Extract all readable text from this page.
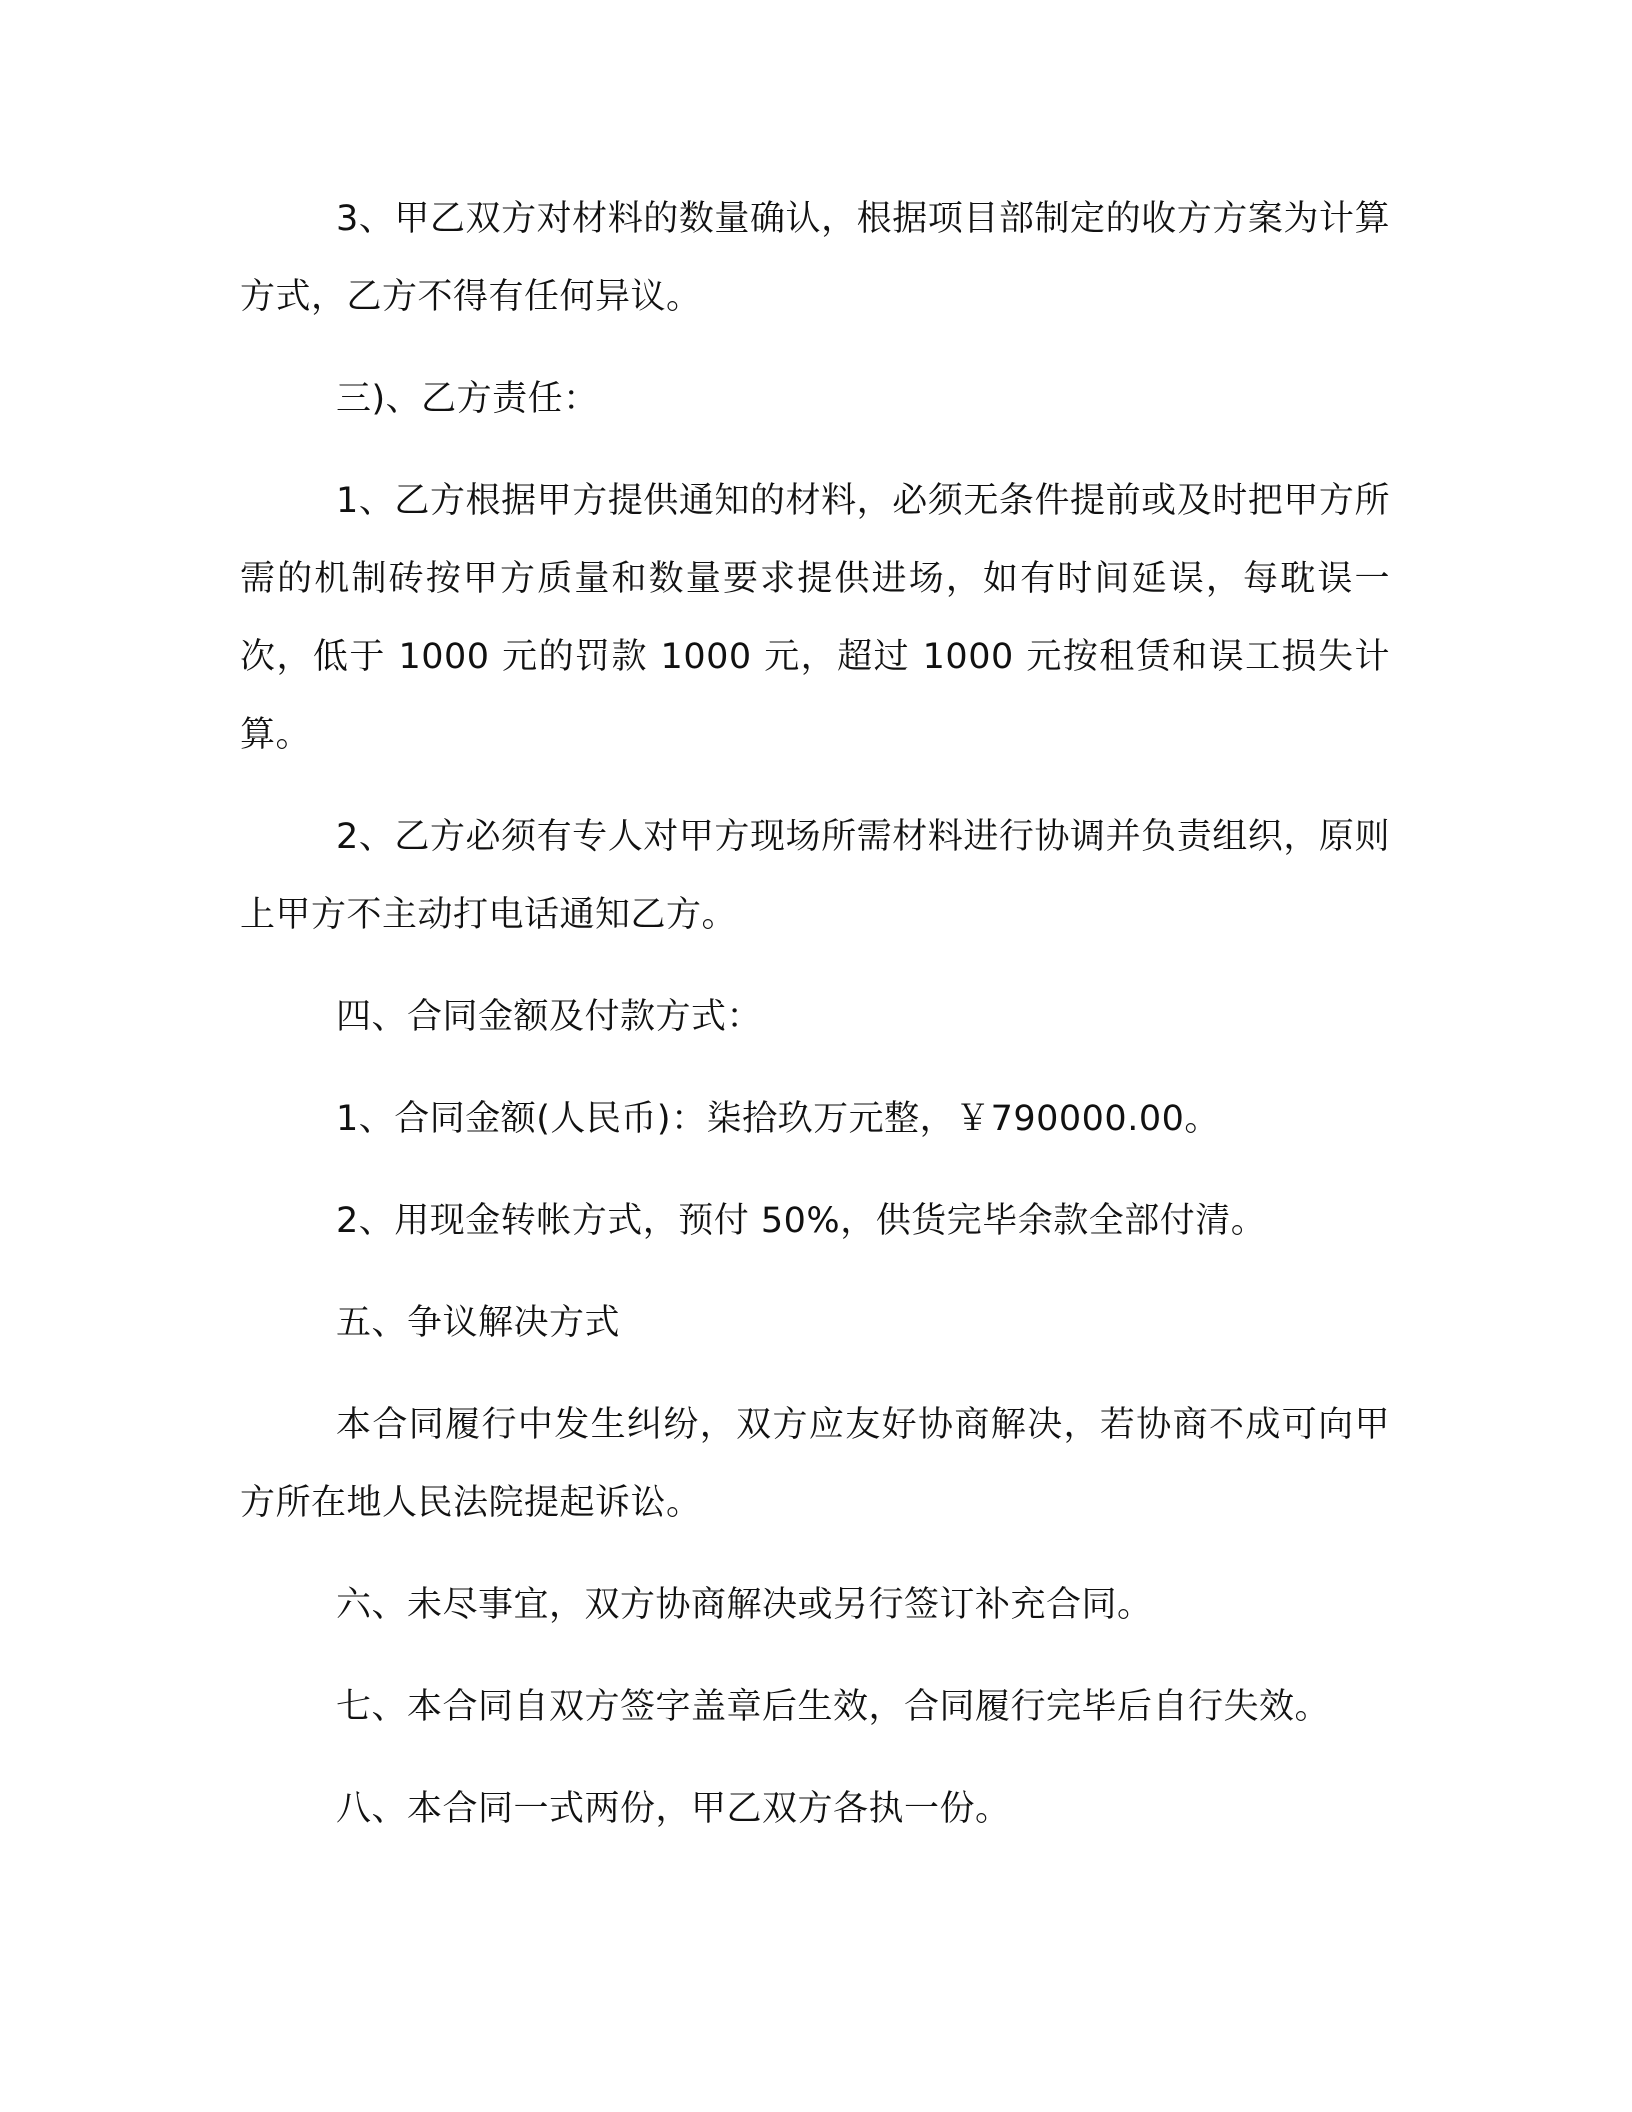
3、甲乙双方对材料的数量确认，根据项目部制定的收方方案为计算方式，乙方不得有任何异议。

三)、乙方责任：

1、乙方根据甲方提供通知的材料，必须无条件提前或及时把甲方所需的机制砖按甲方质量和数量要求提供进场，如有时间延误，每耽误一次，低于 1000 元的罚款 1000 元，超过 1000 元按租赁和误工损失计算。

2、乙方必须有专人对甲方现场所需材料进行协调并负责组织，原则上甲方不主动打电话通知乙方。

四、合同金额及付款方式：

1、合同金额(人民币)：柒拾玖万元整，￥790000.00。

2、用现金转帐方式，预付 50%，供货完毕余款全部付清。

五、争议解决方式

本合同履行中发生纠纷，双方应友好协商解决，若协商不成可向甲方所在地人民法院提起诉讼。

六、未尽事宜，双方协商解决或另行签订补充合同。

七、本合同自双方签字盖章后生效，合同履行完毕后自行失效。

八、本合同一式两份，甲乙双方各执一份。
